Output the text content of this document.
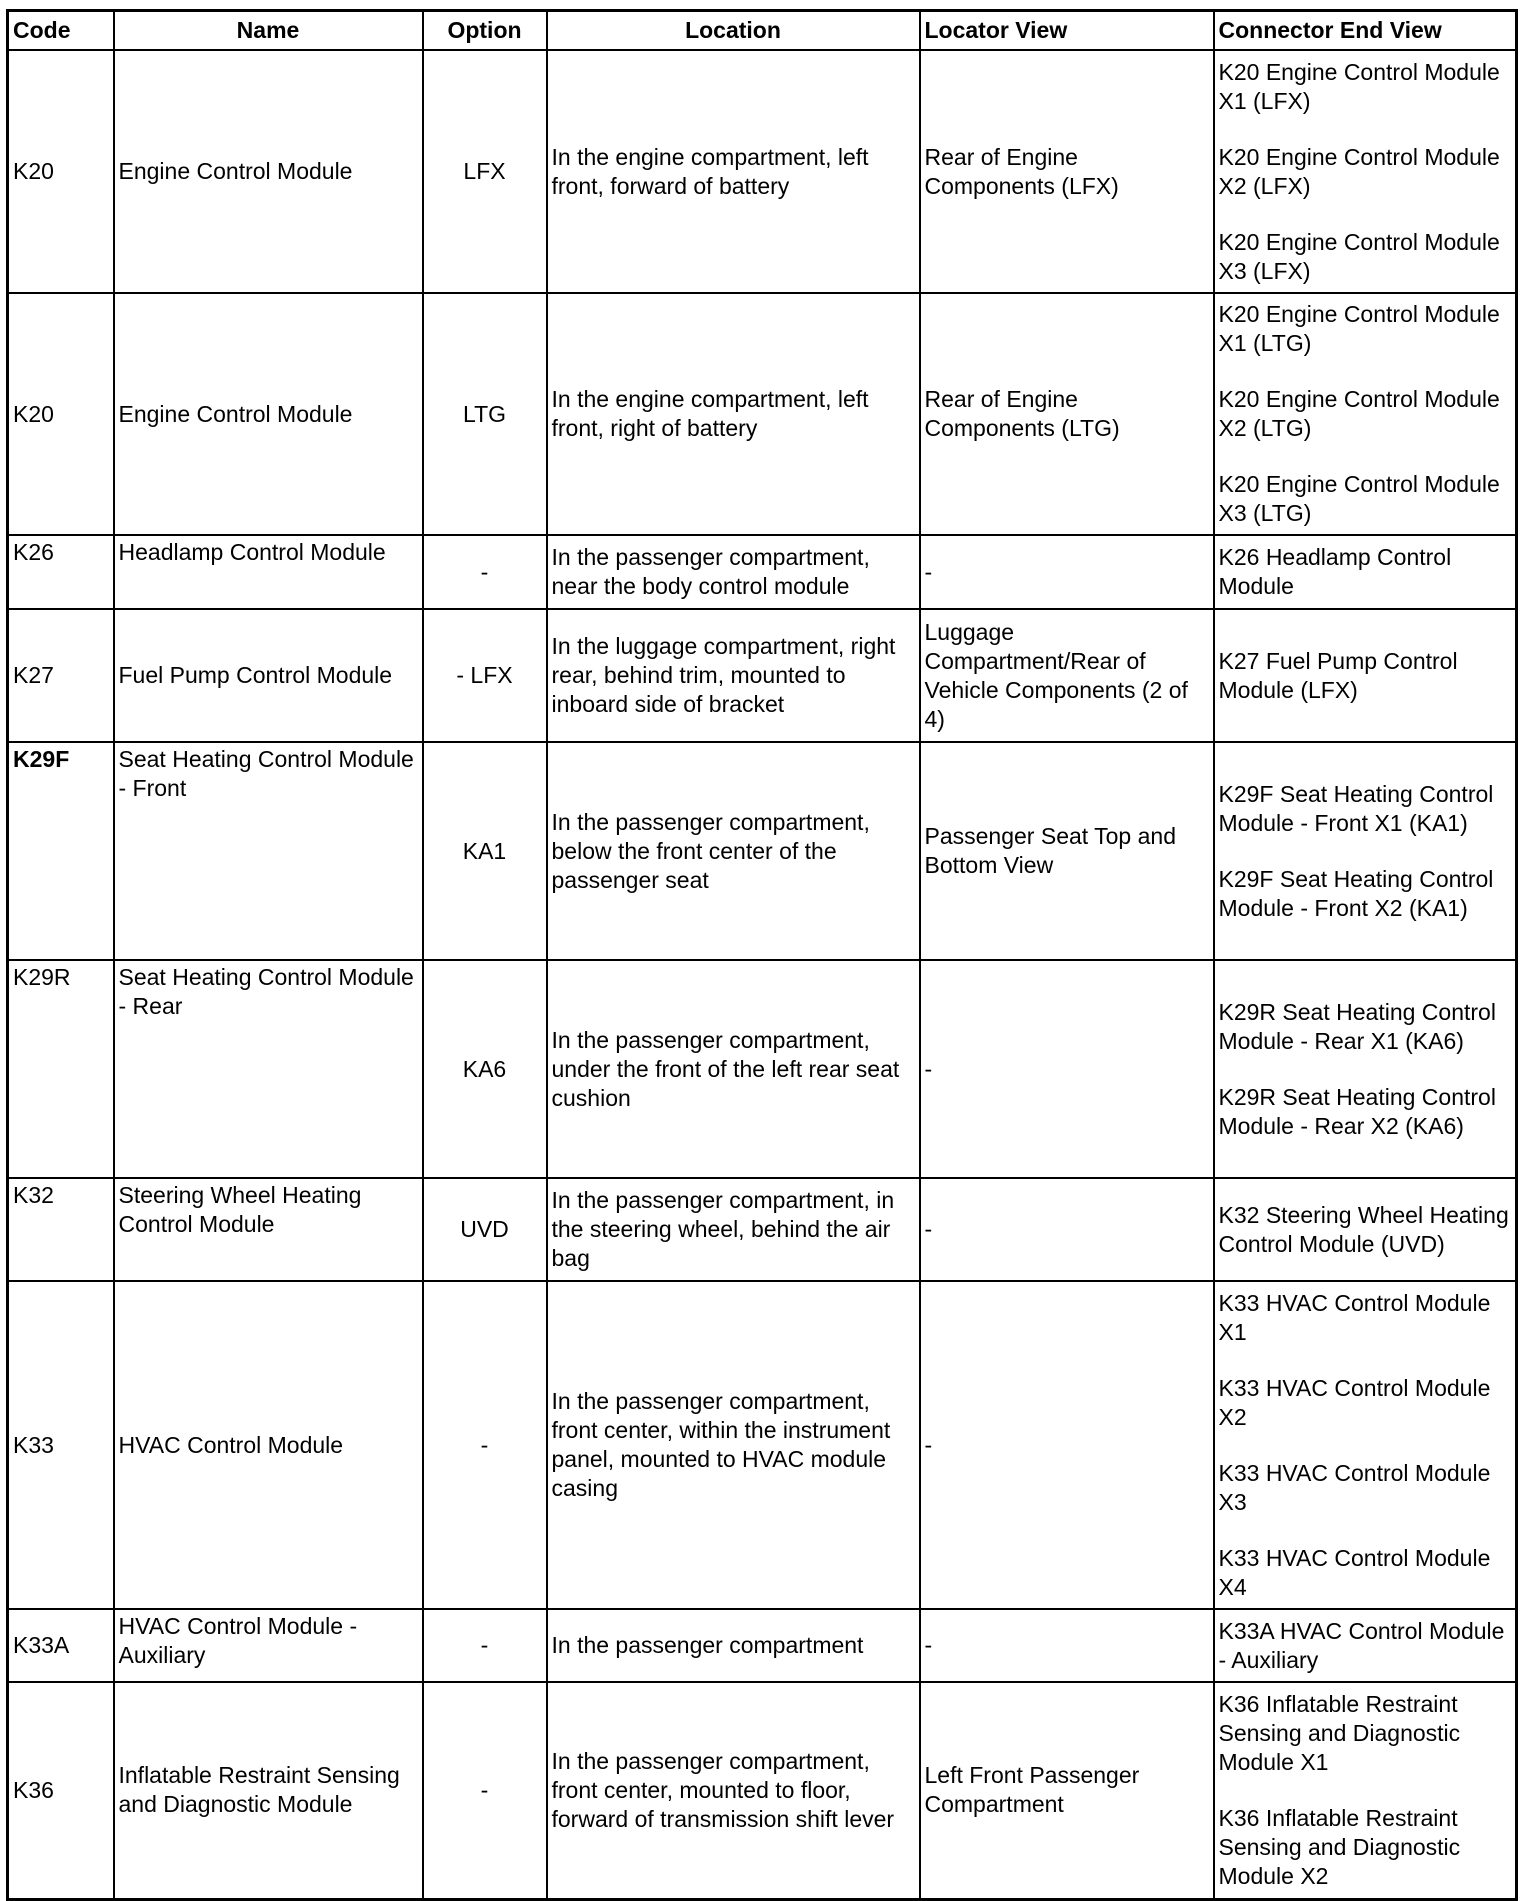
Code	Name	Option	Location	Locator View	Connector End View
K20	Engine Control Module	LFX	In the engine compartment, left front, forward of battery	Rear of Engine Components (LFX)	K20 Engine Control Module X1 (LFX)
K20 Engine Control Module X2 (LFX)
K20 Engine Control Module X3 (LFX)

K20	Engine Control Module	LTG	In the engine compartment, left front, right of battery	Rear of Engine Components (LTG)	K20 Engine Control Module X1 (LTG)
K20 Engine Control Module X2 (LTG)
K20 Engine Control Module X3 (LTG)

K26	Headlamp Control Module	-	In the passenger compartment, near the body control module	-	K26 Headlamp Control Module

K27	Fuel Pump Control Module	- LFX	In the luggage compartment, right rear, behind trim, mounted to inboard side of bracket	Luggage Compartment/Rear of Vehicle Components (2 of 4)	K27 Fuel Pump Control Module (LFX)

K29F	Seat Heating Control Module - Front	KA1	In the passenger compartment, below the front center of the passenger seat	Passenger Seat Top and Bottom View	K29F Seat Heating Control Module - Front X1 (KA1)
K29F Seat Heating Control Module - Front X2 (KA1)

K29R	Seat Heating Control Module - Rear	KA6	In the passenger compartment, under the front of the left rear seat cushion	-	K29R Seat Heating Control Module - Rear X1 (KA6)
K29R Seat Heating Control Module - Rear X2 (KA6)

K32	Steering Wheel Heating Control Module	UVD	In the passenger compartment, in the steering wheel, behind the air bag	-	K32 Steering Wheel Heating Control Module (UVD)

K33	HVAC Control Module	-	In the passenger compartment, front center, within the instrument panel, mounted to HVAC module casing	-	K33 HVAC Control Module X1
K33 HVAC Control Module X2
K33 HVAC Control Module X3
K33 HVAC Control Module X4

K33A	HVAC Control Module - Auxiliary	-	In the passenger compartment	-	K33A HVAC Control Module - Auxiliary

K36	Inflatable Restraint Sensing and Diagnostic Module	-	In the passenger compartment, front center, mounted to floor, forward of transmission shift lever	Left Front Passenger Compartment	K36 Inflatable Restraint Sensing and Diagnostic Module X1
K36 Inflatable Restraint Sensing and Diagnostic Module X2
